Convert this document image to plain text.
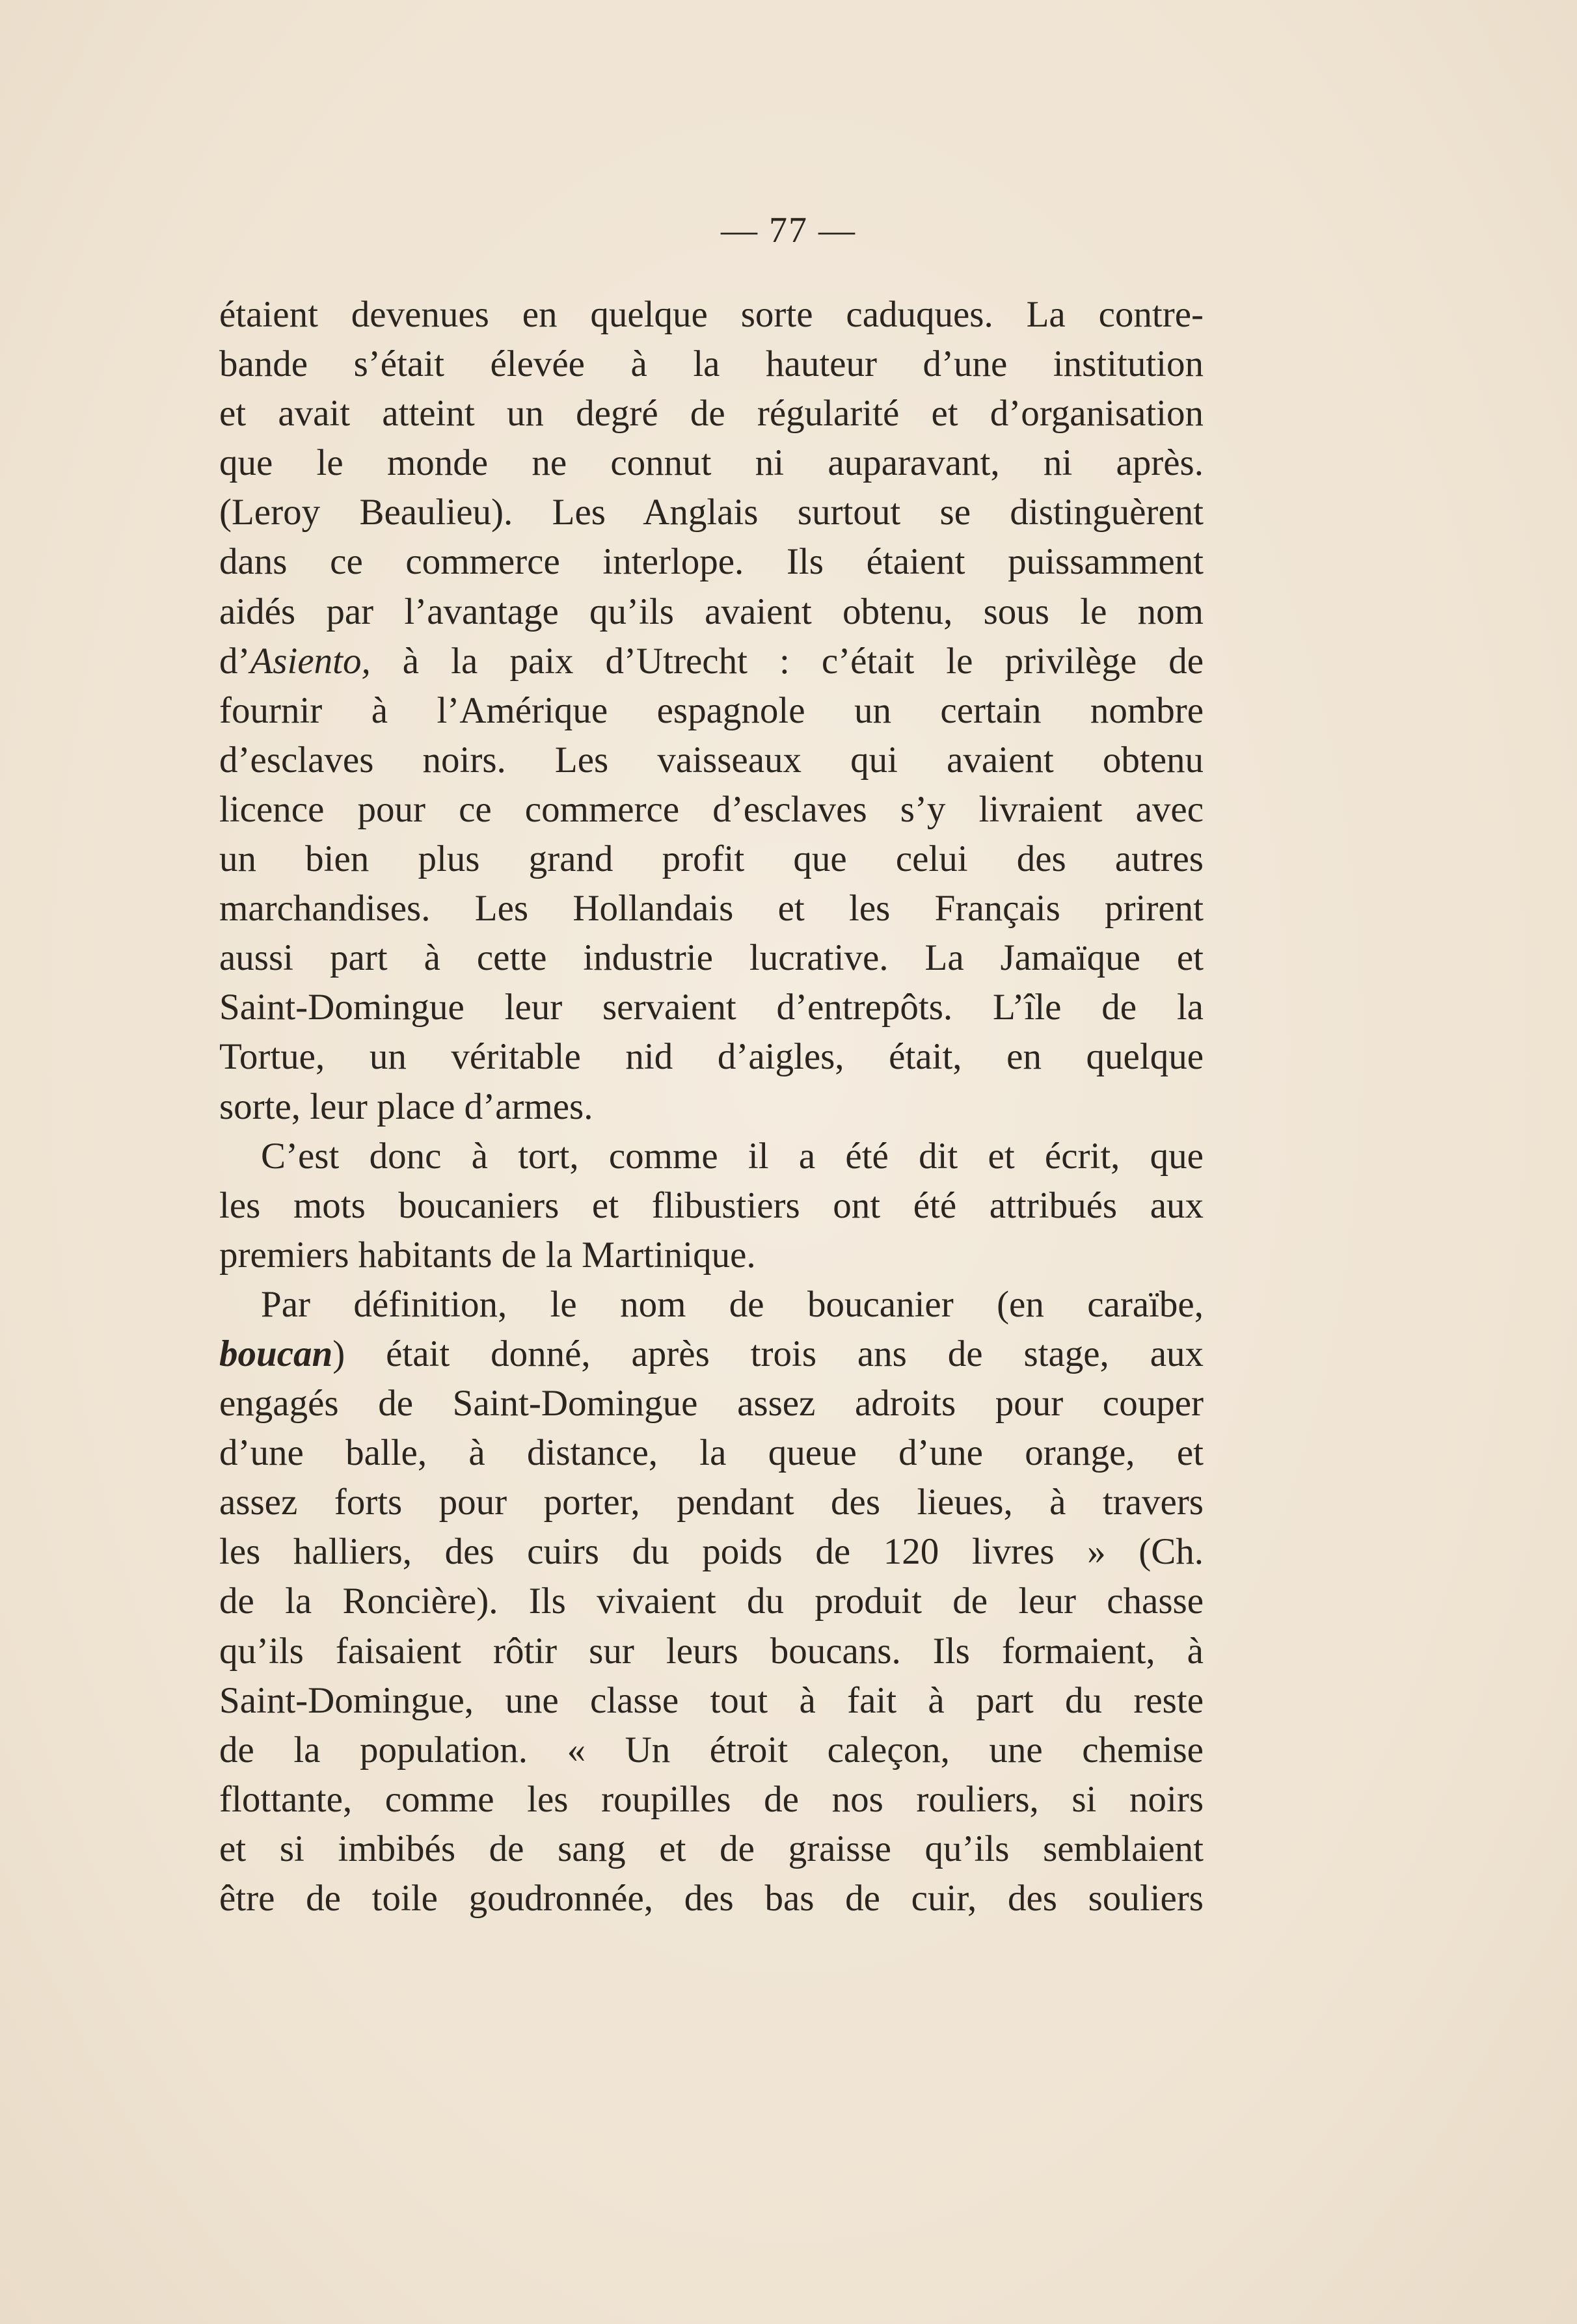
— 77 —
étaient devenues en quelque sorte caduques. La contre-
bande s’était élevée à la hauteur d’une institution
et avait atteint un degré de régularité et d’organisation
que le monde ne connut ni auparavant, ni après.
(Leroy Beaulieu). Les Anglais surtout se distinguèrent
dans ce commerce interlope. Ils étaient puissamment
aidés par l’avantage qu’ils avaient obtenu, sous le nom
d’Asiento, à la paix d’Utrecht : c’était le privilège de
fournir à l’Amérique espagnole un certain nombre
d’esclaves noirs. Les vaisseaux qui avaient obtenu
licence pour ce commerce d’esclaves s’y livraient avec
un bien plus grand profit que celui des autres
marchandises. Les Hollandais et les Français prirent
aussi part à cette industrie lucrative. La Jamaïque et
Saint-Domingue leur servaient d’entrepôts. L’île de la
Tortue, un véritable nid d’aigles, était, en quelque
sorte, leur place d’armes.
C’est donc à tort, comme il a été dit et écrit, que
les mots boucaniers et flibustiers ont été attribués aux
premiers habitants de la Martinique.
Par définition, le nom de boucanier (en caraïbe,
boucan) était donné, après trois ans de stage, aux
engagés de Saint-Domingue assez adroits pour couper
d’une balle, à distance, la queue d’une orange, et
assez forts pour porter, pendant des lieues, à travers
les halliers, des cuirs du poids de 120 livres » (Ch.
de la Roncière). Ils vivaient du produit de leur chasse
qu’ils faisaient rôtir sur leurs boucans. Ils formaient, à
Saint-Domingue, une classe tout à fait à part du reste
de la population. « Un étroit caleçon, une chemise
flottante, comme les roupilles de nos rouliers, si noirs
et si imbibés de sang et de graisse qu’ils semblaient
être de toile goudronnée, des bas de cuir, des souliers
